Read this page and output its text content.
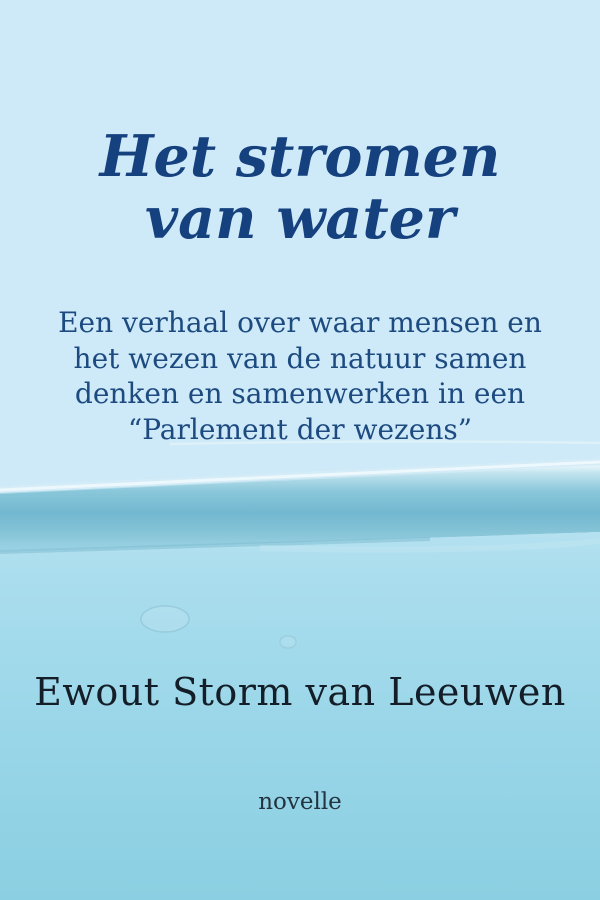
Het stromen
van water

Een verhaal over waar mensen en
het wezen van de natuur samen
denken en samenwerken in een
“Parlement der wezens”

Ewout Storm van Leeuwen
novelle
